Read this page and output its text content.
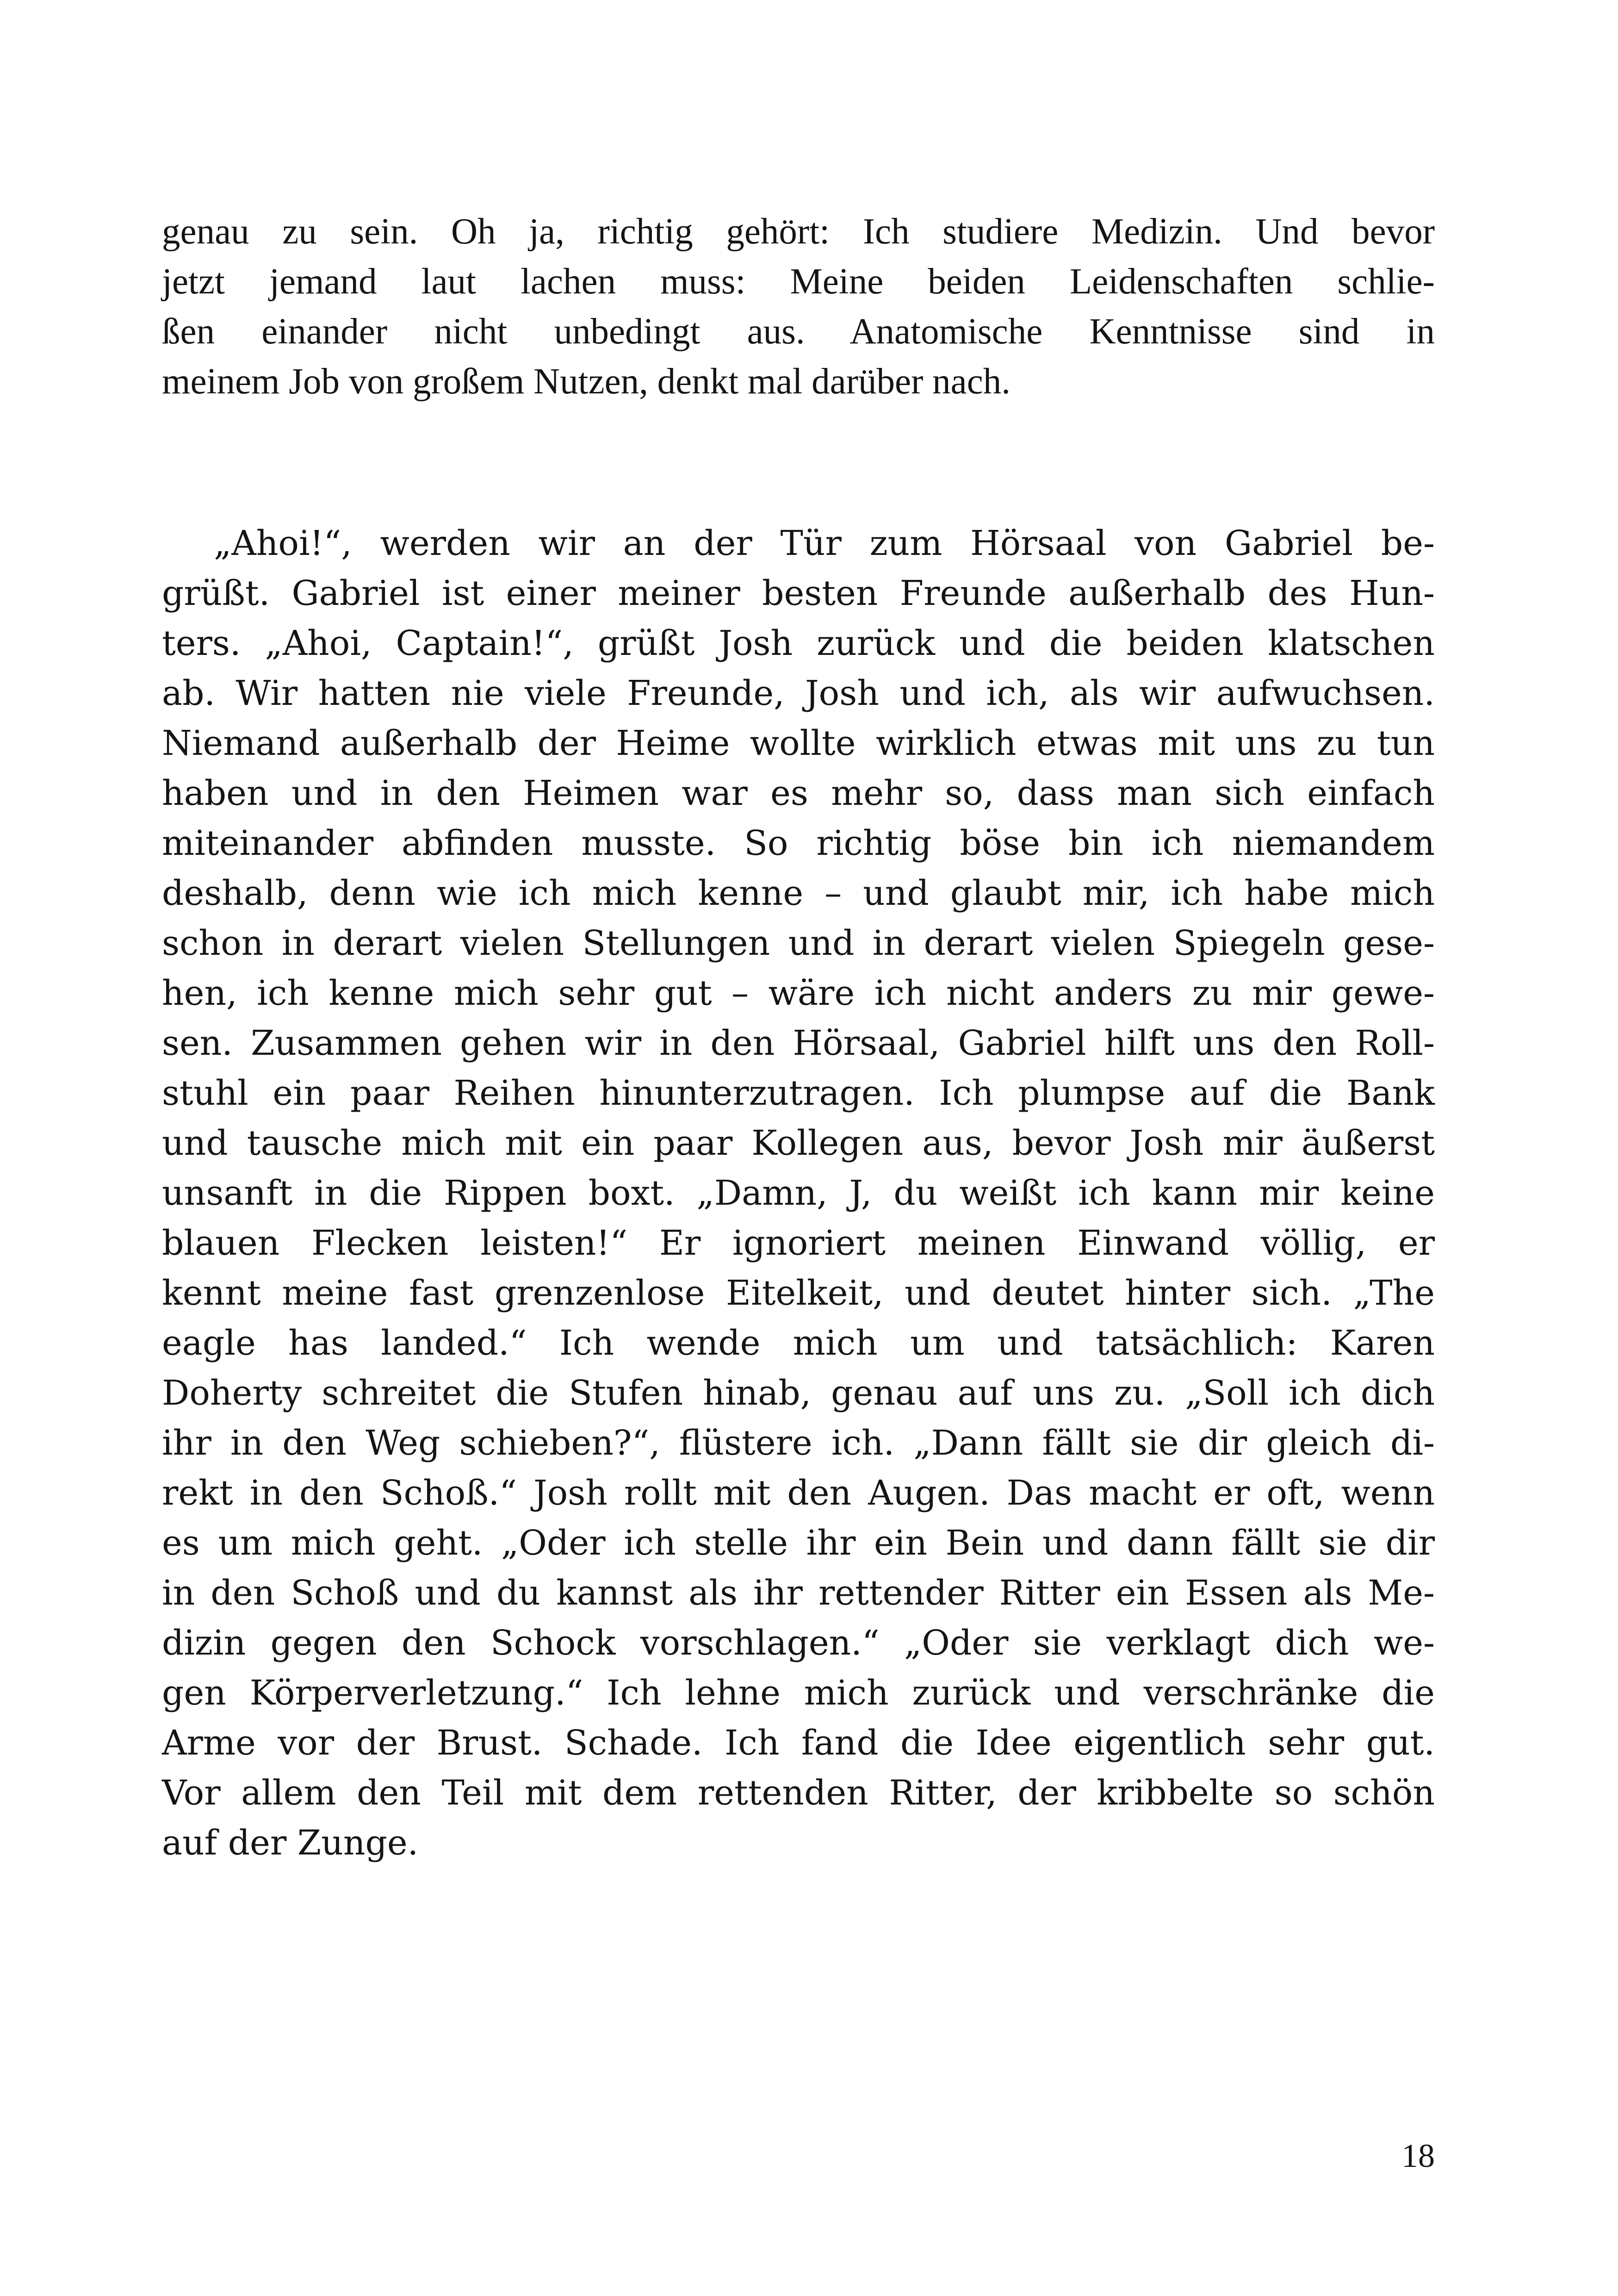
genau zu sein. Oh ja, richtig gehört: Ich studiere Medizin. Und bevor
jetzt jemand laut lachen muss: Meine beiden Leidenschaften schlie-
ßen einander nicht unbedingt aus. Anatomische Kenntnisse sind in
meinem Job von großem Nutzen, denkt mal darüber nach.
„Ahoi!“, werden wir an der Tür zum Hörsaal von Gabriel be-
grüßt. Gabriel ist einer meiner besten Freunde außerhalb des Hun-
ters. „Ahoi, Captain!“, grüßt Josh zurück und die beiden klatschen
ab. Wir hatten nie viele Freunde, Josh und ich, als wir aufwuchsen.
Niemand außerhalb der Heime wollte wirklich etwas mit uns zu tun
haben und in den Heimen war es mehr so, dass man sich einfach
miteinander abfinden musste. So richtig böse bin ich niemandem
deshalb, denn wie ich mich kenne – und glaubt mir, ich habe mich
schon in derart vielen Stellungen und in derart vielen Spiegeln gese-
hen, ich kenne mich sehr gut – wäre ich nicht anders zu mir gewe-
sen. Zusammen gehen wir in den Hörsaal, Gabriel hilft uns den Roll-
stuhl ein paar Reihen hinunterzutragen. Ich plumpse auf die Bank
und tausche mich mit ein paar Kollegen aus, bevor Josh mir äußerst
unsanft in die Rippen boxt. „Damn, J, du weißt ich kann mir keine
blauen Flecken leisten!“ Er ignoriert meinen Einwand völlig, er
kennt meine fast grenzenlose Eitelkeit, und deutet hinter sich. „The
eagle has landed.“ Ich wende mich um und tatsächlich: Karen
Doherty schreitet die Stufen hinab, genau auf uns zu. „Soll ich dich
ihr in den Weg schieben?“, flüstere ich. „Dann fällt sie dir gleich di-
rekt in den Schoß.“ Josh rollt mit den Augen. Das macht er oft, wenn
es um mich geht. „Oder ich stelle ihr ein Bein und dann fällt sie dir
in den Schoß und du kannst als ihr rettender Ritter ein Essen als Me-
dizin gegen den Schock vorschlagen.“ „Oder sie verklagt dich we-
gen Körperverletzung.“ Ich lehne mich zurück und verschränke die
Arme vor der Brust. Schade. Ich fand die Idee eigentlich sehr gut.
Vor allem den Teil mit dem rettenden Ritter, der kribbelte so schön
auf der Zunge.
18
